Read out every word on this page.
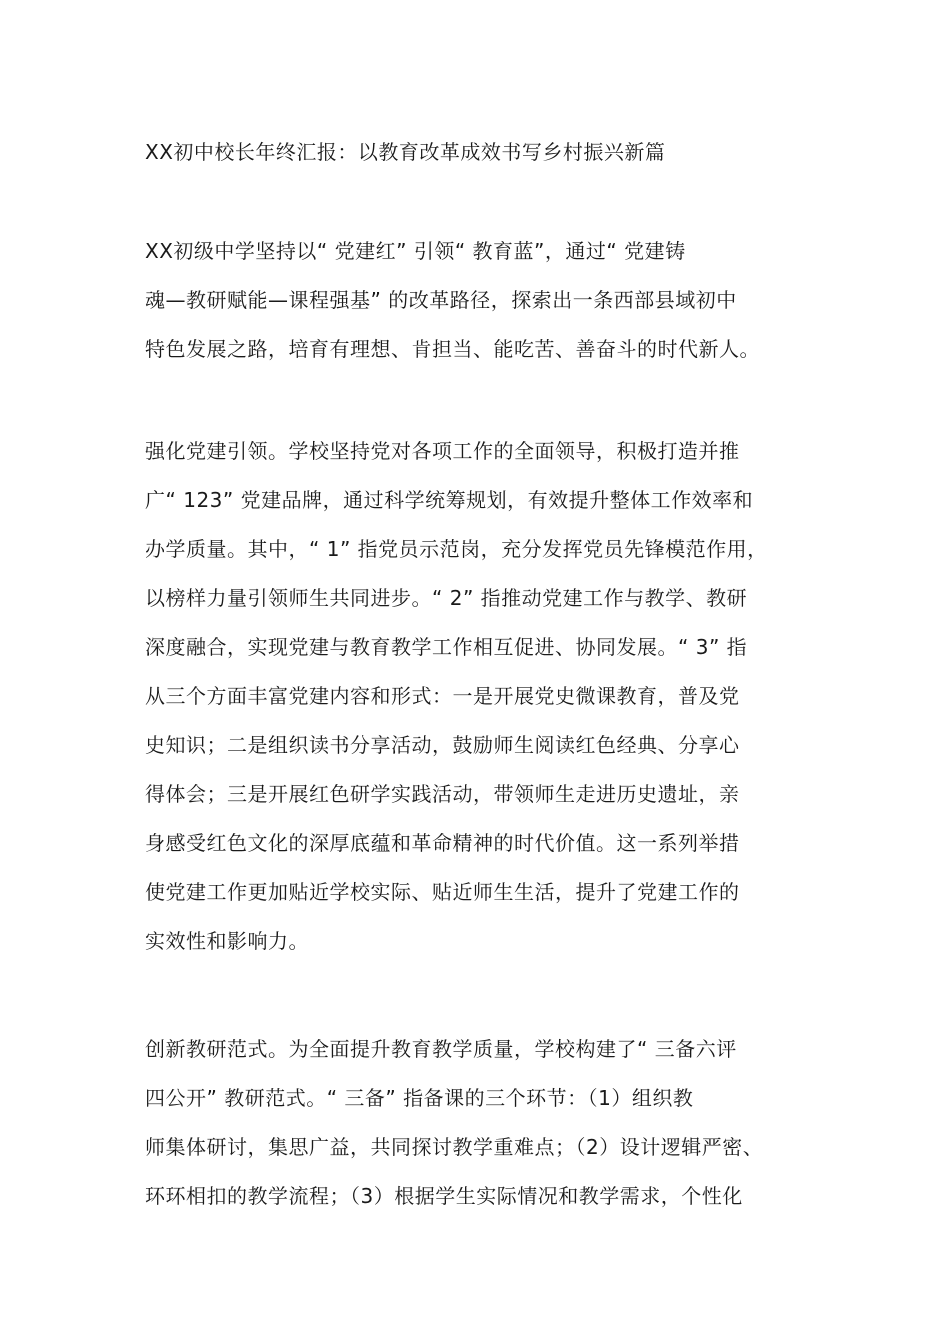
XX初中校长年终汇报：以教育改革成效书写乡村振兴新篇
XX初级中学坚持以“ 党建红” 引领“ 教育蓝”，通过“ 党建铸
魂—教研赋能—课程强基” 的改革路径，探索出一条西部县域初中
特色发展之路，培育有理想、肯担当、能吃苦、善奋斗的时代新人。
强化党建引领。学校坚持党对各项工作的全面领导，积极打造并推
广“ 123” 党建品牌，通过科学统筹规划，有效提升整体工作效率和
办学质量。其中，“ 1” 指党员示范岗，充分发挥党员先锋模范作用，
以榜样力量引领师生共同进步。“ 2” 指推动党建工作与教学、教研
深度融合，实现党建与教育教学工作相互促进、协同发展。“ 3” 指
从三个方面丰富党建内容和形式：一是开展党史微课教育，普及党
史知识；二是组织读书分享活动，鼓励师生阅读红色经典、分享心
得体会；三是开展红色研学实践活动，带领师生走进历史遗址，亲
身感受红色文化的深厚底蕴和革命精神的时代价值。这一系列举措
使党建工作更加贴近学校实际、贴近师生生活，提升了党建工作的
实效性和影响力。
创新教研范式。为全面提升教育教学质量，学校构建了“ 三备六评
四公开” 教研范式。“ 三备” 指备课的三个环节：（1）组织教
师集体研讨，集思广益，共同探讨教学重难点；（2）设计逻辑严密、
环环相扣的教学流程；（3）根据学生实际情况和教学需求，个性化
